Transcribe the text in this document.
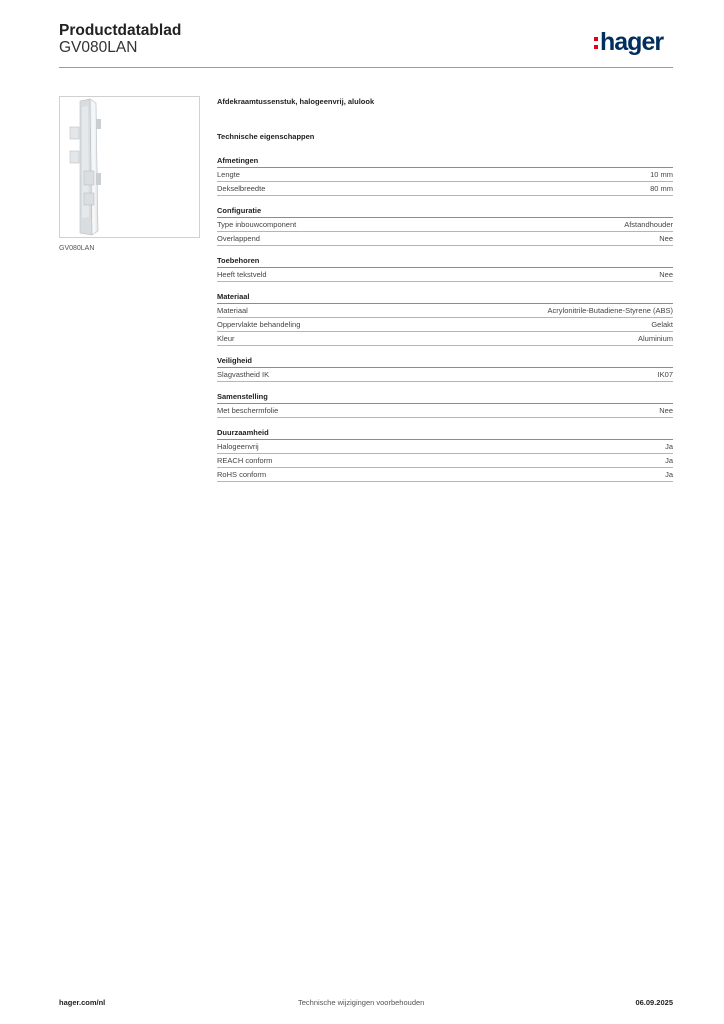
Productdatablad
GV080LAN	hager
GV080LAN
Afdekraamtussenstuk, halogeenvrij, alulook
Technische eigenschappen
Afmetingen
Lengte	10 mm
Dekselbreedte	80 mm
Configuratie
Type inbouwcomponent	Afstandhouder
Overlappend	Nee
Toebehoren
Heeft tekstveld	Nee
Materiaal
Materiaal	Acrylonitrile-Butadiene-Styrene (ABS)
Oppervlakte behandeling	Gelakt
Kleur	Aluminium
Veiligheid
Slagvastheid IK	IK07
Samenstelling
Met beschermfolie	Nee
Duurzaamheid
Halogeenvrij	Ja
REACH conform	Ja
RoHS conform	Ja
hager.com/nl	Technische wijzigingen voorbehouden	06.09.2025
